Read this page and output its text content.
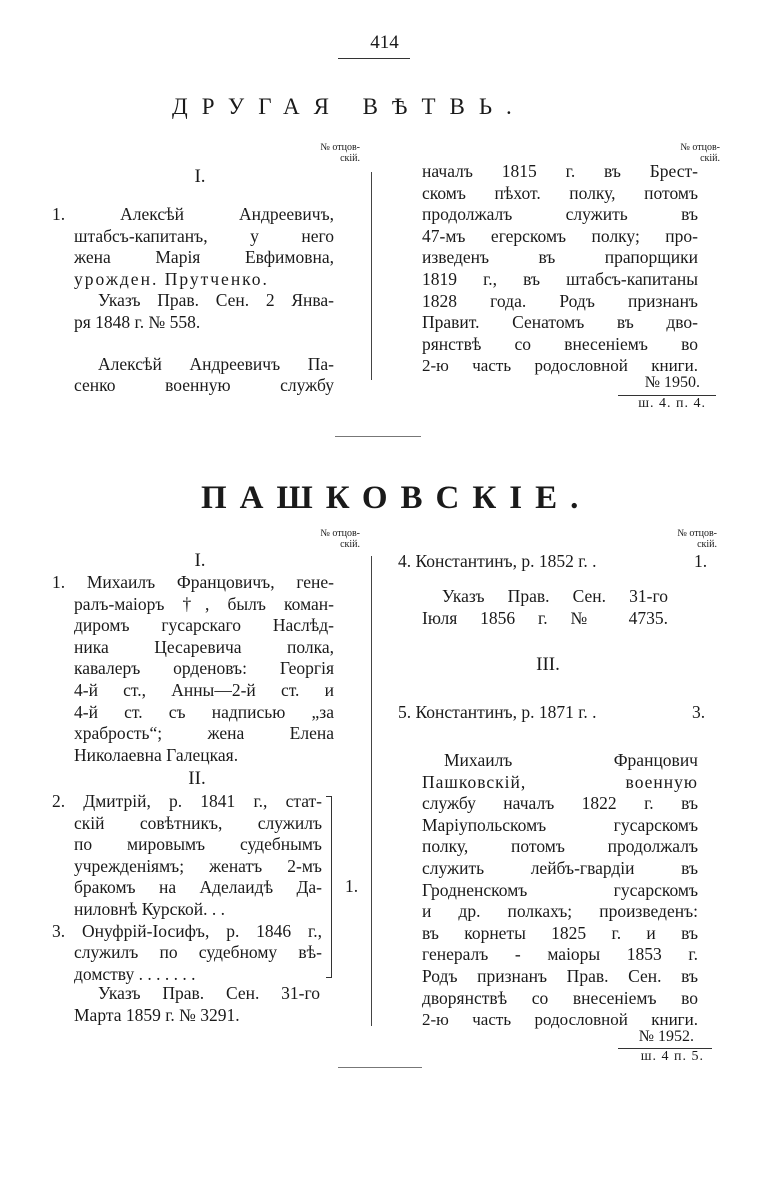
414
ДРУГАЯ ВѢТВЬ.
№ отцов-
скій.
№ отцов-
скій.
I.
1. Алексѣй Андреевичъ,
штабсъ-капитанъ, у него
жена Марія Евфимовна,
урожден. Прутченко.
Указъ Прав. Сен. 2 Янва-
ря 1848 г. № 558.
Алексѣй Андреевичъ Па-
сенко военную службу
началъ 1815 г. въ Брест-
скомъ пѣхот. полку, потомъ
продолжалъ служить въ
47-мъ егерскомъ полку; про-
изведенъ въ прапорщики
1819 г., въ штабсъ-капитаны
1828 года. Родъ признанъ
Правит. Сенатомъ въ дво-
рянствѣ со внесеніемъ во
2-ю часть родословной книги.
№ 1950.
ш. 4. п. 4.
ПАШКОВСКІЕ.
№ отцов-
скій.
№ отцов-
скій.
I.
1. Михаилъ Францовичъ, гене-
ралъ-маіоръ †, былъ коман-
диромъ гусарскаго Наслѣд-
ника Цесаревича полка,
кавалеръ орденовъ: Георгія
4-й ст., Анны—2-й ст. и
4-й ст. съ надписью „за
храбрость“; жена Елена
Николаевна Галецкая.
II.
2. Дмитрій, р. 1841 г., стат-
скій совѣтникъ, служилъ
по мировымъ судебнымъ
учрежденіямъ; женатъ 2-мъ
бракомъ на Аделаидѣ Да-
ниловнѣ Курской. . .
3. Онуфрій-Іосифъ, р. 1846 г.,
служилъ по судебному вѣ-
домству . . . . . . .
1.
Указъ Прав. Сен. 31-го
Марта 1859 г. № 3291.
4. Константинъ, р. 1852 г. .	1.
Указъ Прав. Сен. 31-го
Іюля 1856 г. № 4735.
III.
5. Константинъ, р. 1871 г. .	3.
Михаилъ Францович
Пашковскій, военную
службу началъ 1822 г. въ
Маріупольскомъ гусарскомъ
полку, потомъ продолжалъ
служить лейбъ-гвардіи въ
Гродненскомъ гусарскомъ
и др. полкахъ; произведенъ:
въ корнеты 1825 г. и въ
генералъ - маіоры 1853 г.
Родъ признанъ Прав. Сен. въ
дворянствѣ со внесеніемъ во
2-ю часть родословной книги.
№ 1952.
ш. 4 п. 5.
